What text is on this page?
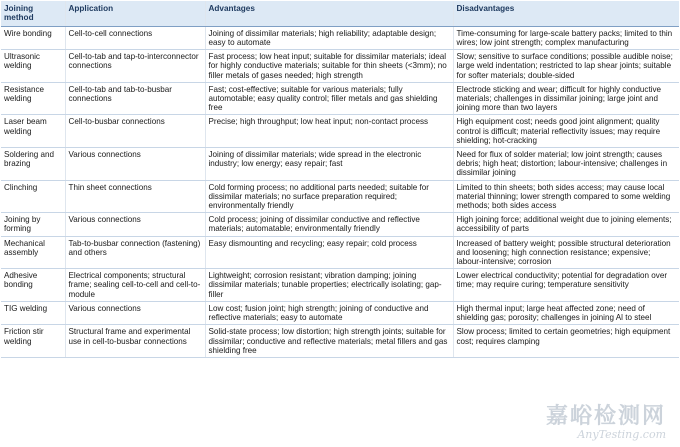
Joining method	Application	Advantages	Disadvantages
Wire bonding	Cell-to-cell connections	Joining of dissimilar materials; high reliability; adaptable design; easy to automate	Time-consuming for large-scale battery packs; limited to thin wires; low joint strength; complex manufacturing
Ultrasonic welding	Cell-to-tab and tap-to-interconnector connections	Fast process; low heat input; suitable for dissimilar materials; ideal for highly conductive materials; suitable for thin sheets (<3mm); no filler metals of gases needed; high strength	Slow; sensitive to surface conditions; possible audible noise; large weld indentation; restricted to lap shear joints; suitable for softer materials; double-sided
Resistance welding	Cell-to-tab and tab-to-busbar connections	Fast; cost-effective; suitable for various materials; fully automotable; easy quality control; filler metals and gas shielding free	Electrode sticking and wear; difficult for highly conductive materials; challenges in dissimilar joining; large joint and joining more than two layers
Laser beam welding	Cell-to-busbar connections	Precise; high throughput; low heat input; non-contact process	High equipment cost; needs good joint alignment; quality control is difficult; material reflectivity issues; may require shielding; hot-cracking
Soldering and brazing	Various connections	Joining of dissimilar materials; wide spread in the electronic industry; low energy; easy repair; fast	Need for flux of solder material; low joint strength; causes debris; high heat; distortion; labour-intensive; challenges in dissimilar joining
Clinching	Thin sheet connections	Cold forming process; no additional parts needed; suitable for dissimilar materials; no surface preparation required; environmentally friendly	Limited to thin sheets; both sides access; may cause local material thinning; lower strength compared to some welding methods; both sides access
Joining by forming	Various connections	Cold process; joining of dissimilar conductive and reflective materials; automatable; environmentally friendly	High joining force; additional weight due to joining elements; accessibility of parts
Mechanical assembly	Tab-to-busbar connection (fastening) and others	Easy dismounting and recycling; easy repair; cold process	Increased of battery weight; possible structural deterioration and loosening; high connection resistance; expensive; labour-intensive; corrosion
Adhesive bonding	Electrical components; structural frame; sealing cell-to-cell and cell-to-module	Lightweight; corrosion resistant; vibration damping; joining dissimilar materials; tunable properties; electrically isolating; gap-filler	Lower electrical conductivity; potential for degradation over time; may require curing; temperature sensitivity
TIG welding	Various connections	Low cost; fusion joint; high strength; joining of conductive and reflective materials; easy to automate	High thermal input; large heat affected zone; need of shielding gas; porosity; challenges in joining Al to steel
Friction stir welding	Structural frame and experimental use in cell-to-busbar connections	Solid-state process; low distortion; high strength joints; suitable for dissimilar; conductive and reflective materials; metal fillers and gas shielding free	Slow process; limited to certain geometries; high equipment cost; requires clamping
嘉峪检测网
AnyTesting.com
